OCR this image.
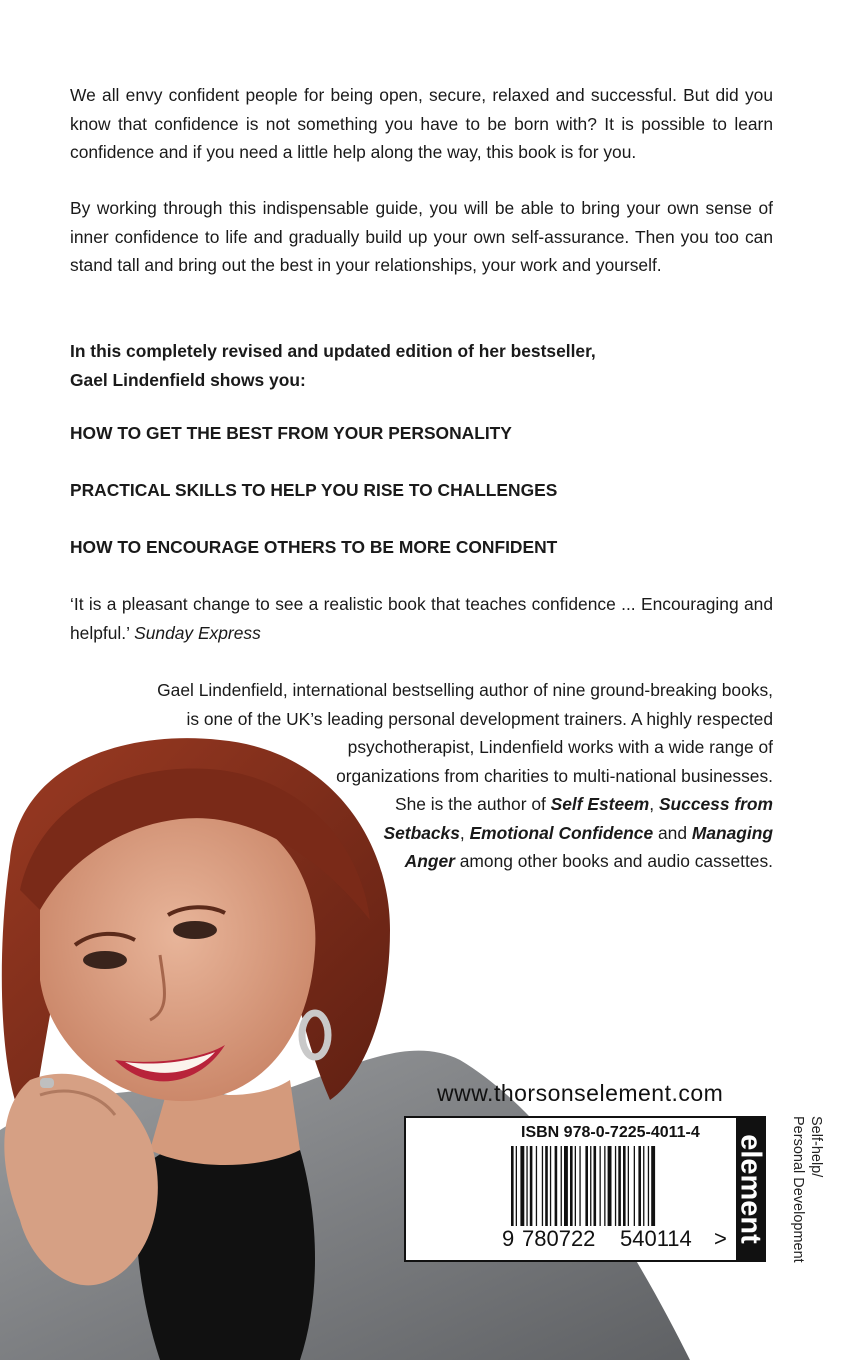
We all envy confident people for being open, secure, relaxed and successful. But did you know that confidence is not something you have to be born with? It is possible to learn confidence and if you need a little help along the way, this book is for you.

By working through this indispensable guide, you will be able to bring your own sense of inner confidence to life and gradually build up your own self-assurance. Then you too can stand tall and bring out the best in your relationships, your work and yourself.

In this completely revised and updated edition of her bestseller,
Gael Lindenfield shows you:

HOW TO GET THE BEST FROM YOUR PERSONALITY

PRACTICAL SKILLS TO HELP YOU RISE TO CHALLENGES

HOW TO ENCOURAGE OTHERS TO BE MORE CONFIDENT

‘It is a pleasant change to see a realistic book that teaches confidence ... Encouraging and helpful.’ Sunday Express

Gael Lindenfield, international bestselling author of nine ground-breaking books,
is one of the UK’s leading personal development trainers. A highly respected
psychotherapist, Lindenfield works with a wide range of
organizations from charities to multi-national businesses.
She is the author of Self Esteem, Success from
Setbacks, Emotional Confidence and Managing
Anger among other books and audio cassettes.

www.thorsonselement.com
ISBN 978-0-7225-4011-4
9 780722 540114 > element	Self-help/
Personal Development
